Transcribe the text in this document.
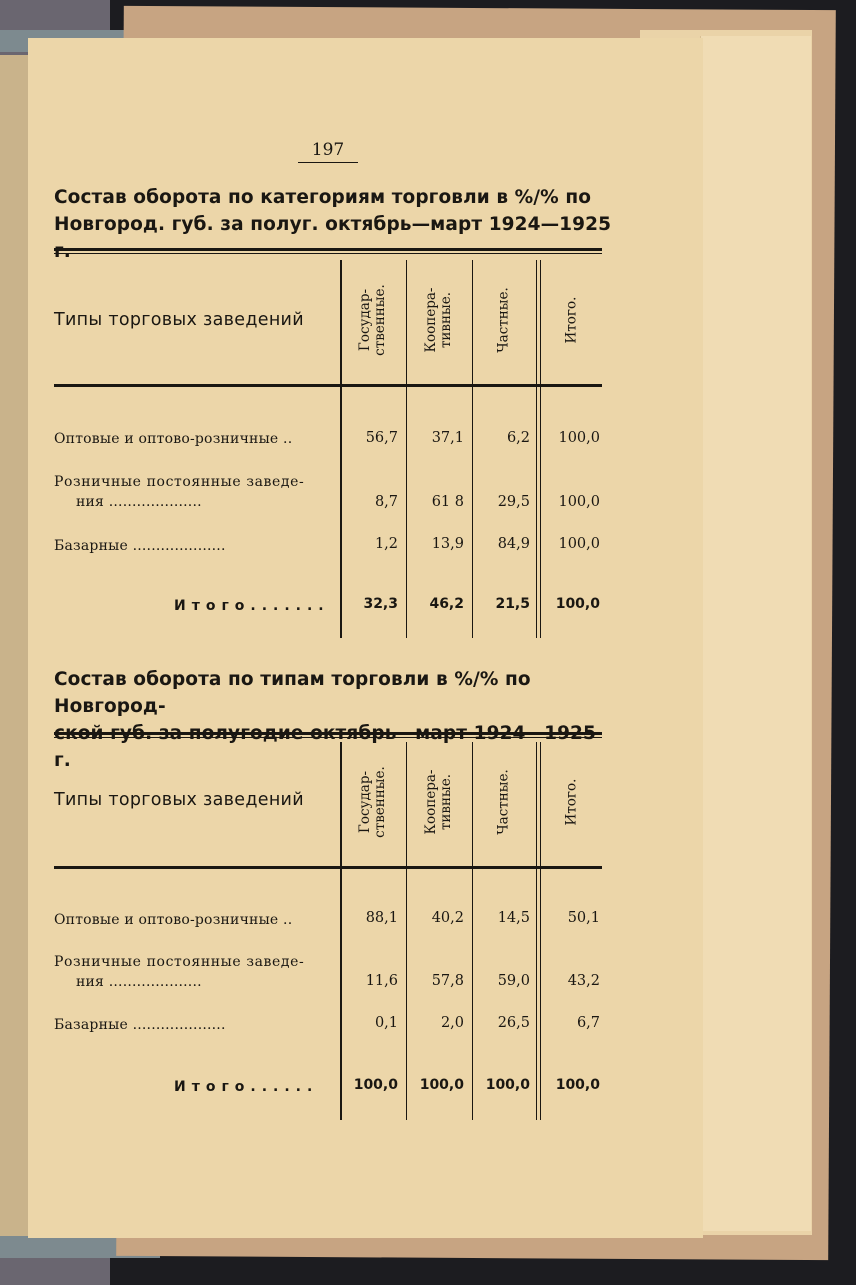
197
Состав оборота по категориям торговли в %/% по
Новгород. губ. за полуг. октябрь—март 1924—1925 г.
Типы торговых заведений	Государ-
ственные.	Коопера-
тивные.	Частные.	Итого.
Оптовые и оптово-розничные ..	56,7	37,1	6,2	100,0
Розничные постоянные заведе-
ния ....................	8,7	61 8	29,5	100,0
Базарные ....................	1,2	13,9	84,9	100,0
Итого.......	32,3	46,2	21,5	100,0
Состав оборота по типам торговли в %/% по Новгород-
ской губ. за полугодие октябрь—март 1924—1925 г.
Типы торговых заведений	Государ-
ственные.	Коопера-
тивные.	Частные.	Итого.
Оптовые и оптово-розничные ..	88,1	40,2	14,5	50,1
Розничные постоянные заведе-
ния ....................	11,6	57,8	59,0	43,2
Базарные ....................	0,1	2,0	26,5	6,7
Итого......	100,0	100,0	100,0	100,0
